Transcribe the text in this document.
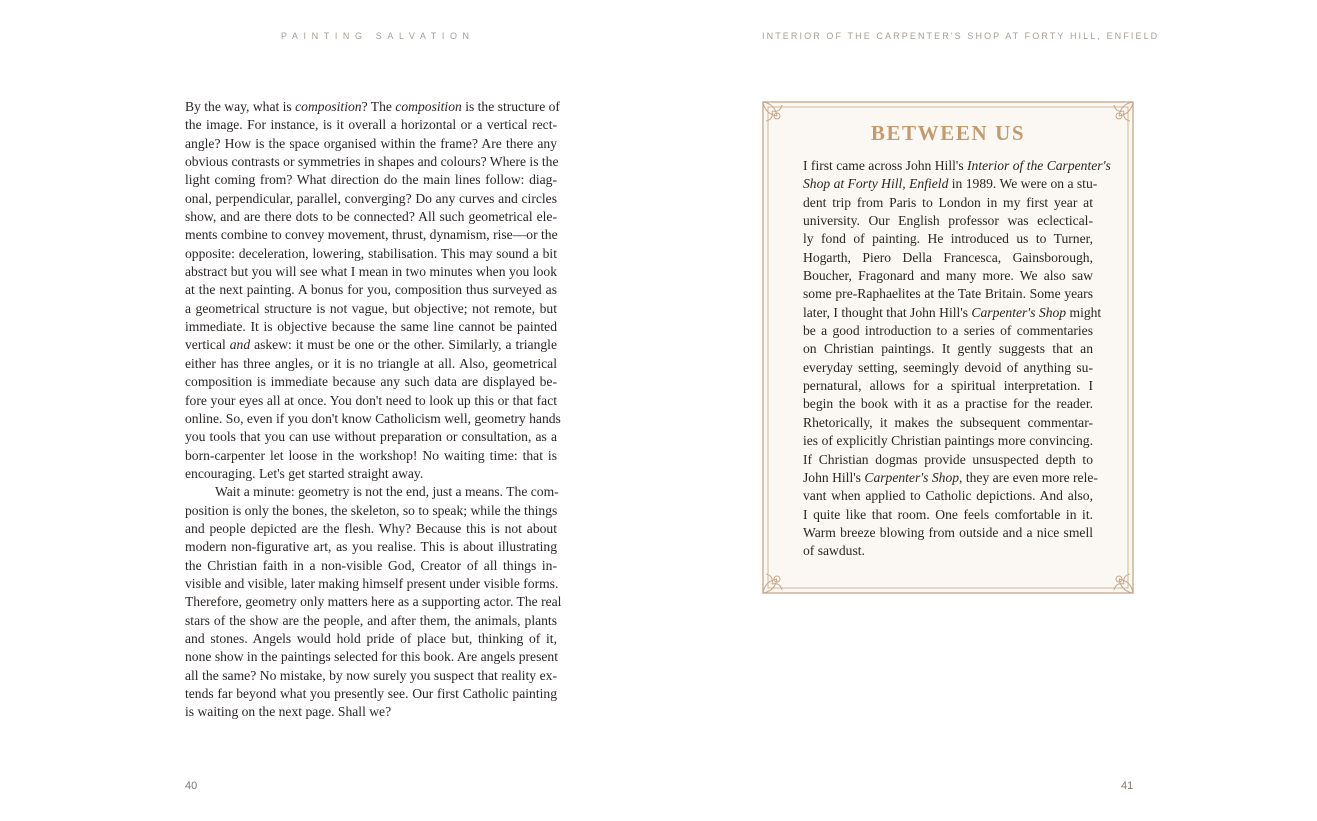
PAINTING SALVATION	INTERIOR OF THE CARPENTER'S SHOP AT FORTY HILL, ENFIELD
By the way, what is composition? The composition is the structure of
the image. For instance, is it overall a horizontal or a vertical rect-
angle? How is the space organised within the frame? Are there any
obvious contrasts or symmetries in shapes and colours? Where is the
light coming from? What direction do the main lines follow: diag-
onal, perpendicular, parallel, converging? Do any curves and circles
show, and are there dots to be connected? All such geometrical ele-
ments combine to convey movement, thrust, dynamism, rise—or the
opposite: deceleration, lowering, stabilisation. This may sound a bit
abstract but you will see what I mean in two minutes when you look
at the next painting. A bonus for you, composition thus surveyed as
a geometrical structure is not vague, but objective; not remote, but
immediate. It is objective because the same line cannot be painted
vertical and askew: it must be one or the other. Similarly, a triangle
either has three angles, or it is no triangle at all. Also, geometrical
composition is immediate because any such data are displayed be-
fore your eyes all at once. You don't need to look up this or that fact
online. So, even if you don't know Catholicism well, geometry hands
you tools that you can use without preparation or consultation, as a
born-carpenter let loose in the workshop! No waiting time: that is
encouraging. Let's get started straight away.
Wait a minute: geometry is not the end, just a means. The com-
position is only the bones, the skeleton, so to speak; while the things
and people depicted are the flesh. Why? Because this is not about
modern non-figurative art, as you realise. This is about illustrating
the Christian faith in a non-visible God, Creator of all things in-
visible and visible, later making himself present under visible forms.
Therefore, geometry only matters here as a supporting actor. The real
stars of the show are the people, and after them, the animals, plants
and stones. Angels would hold pride of place but, thinking of it,
none show in the paintings selected for this book. Are angels present
all the same? No mistake, by now surely you suspect that reality ex-
tends far beyond what you presently see. Our first Catholic painting
is waiting on the next page. Shall we?
BETWEEN US
I first came across John Hill's Interior of the Carpenter's
Shop at Forty Hill, Enfield in 1989. We were on a stu-
dent trip from Paris to London in my first year at
university. Our English professor was eclectical-
ly fond of painting. He introduced us to Turner,
Hogarth, Piero Della Francesca, Gainsborough,
Boucher, Fragonard and many more. We also saw
some pre-Raphaelites at the Tate Britain. Some years
later, I thought that John Hill's Carpenter's Shop might
be a good introduction to a series of commentaries
on Christian paintings. It gently suggests that an
everyday setting, seemingly devoid of anything su-
pernatural, allows for a spiritual interpretation. I
begin the book with it as a practise for the reader.
Rhetorically, it makes the subsequent commentar-
ies of explicitly Christian paintings more convincing.
If Christian dogmas provide unsuspected depth to
John Hill's Carpenter's Shop, they are even more rele-
vant when applied to Catholic depictions. And also,
I quite like that room. One feels comfortable in it.
Warm breeze blowing from outside and a nice smell
of sawdust.
40	41
